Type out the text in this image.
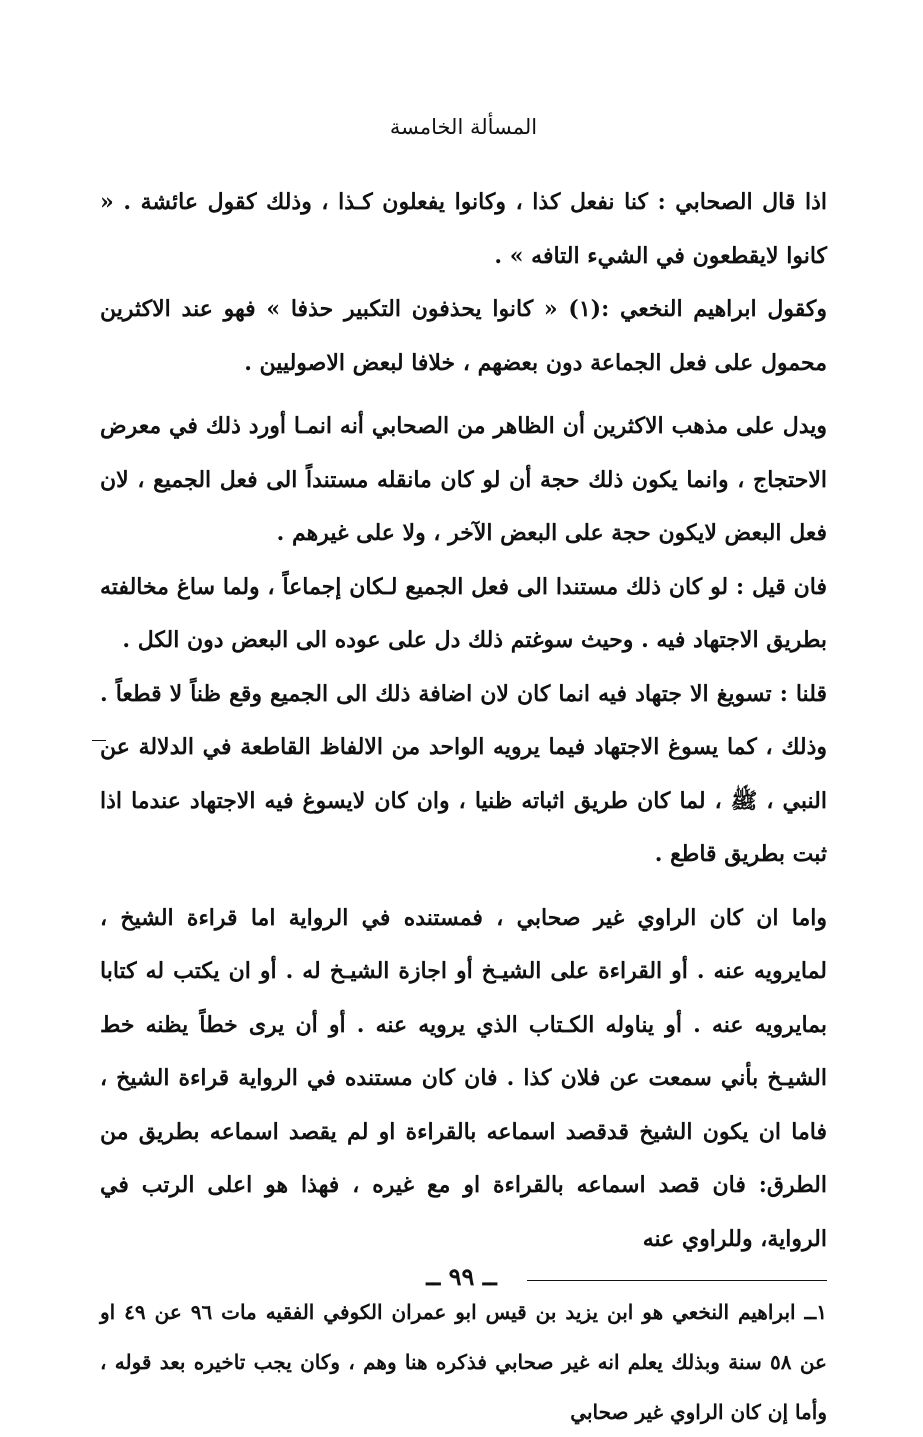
المسألة الخامسة

اذا قال الصحابي : كنا نفعل كذا ، وكانوا يفعلون كـذا ، وذلك كقول عائشة . « كانوا لايقطعون في الشيء التافه » .

وكقول ابراهيم النخعي :(١) « كانوا يحذفون التكبير حذفا » فهو عند الاكثرين محمول على فعل الجماعة دون بعضهم ، خلافا لبعض الاصوليين .

ويدل على مذهب الاكثرين أن الظاهر من الصحابي أنه انمـا أورد ذلك في معرض الاحتجاج ، وانما يكون ذلك حجة أن لو كان مانقله مستنداً الى فعل الجميع ، لان فعل البعض لايكون حجة على البعض الآخر ، ولا على غيرهم .

فان قيل : لو كان ذلك مستندا الى فعل الجميع لـكان إجماعاً ، ولما ساغ مخالفته بطريق الاجتهاد فيه . وحيث سوغتم ذلك دل على عوده الى البعض دون الكل .

قلنا : تسويغ الا جتهاد فيه انما كان لان اضافة ذلك الى الجميع وقع ظناً لا قطعاً . وذلك ، كما يسوغ الاجتهاد فيما يرويه الواحد من الالفاظ القاطعة في الدلالة عن النبي ، ﷺ ، لما كان طريق اثباته ظنيا ، وان كان لايسوغ فيه الاجتهاد عندما اذا ثبت بطريق قاطع .

واما ان كان الراوي غير صحابي ، فمستنده في الرواية اما قراءة الشيخ ، لمايرويه عنه . أو القراءة على الشيـخ أو اجازة الشيـخ له . أو ان يكتب له كتابا بمايرويه عنه . أو يناوله الكـتاب الذي يرويه عنه . أو أن يرى خطاً يظنه خط الشيـخ بأني سمعت عن فلان كذا . فان كان مستنده في الرواية قراءة الشيخ ، فاما ان يكون الشيخ قدقصد اسماعه بالقراءة او لم يقصد اسماعه بطريق من الطرق: فان قصد اسماعه بالقراءة او مع غيره ، فهذا هو اعلى الرتب في الرواية، وللراوي عنه

١ــ ابراهيم النخعي هو ابن يزيد بن قيس ابو عمران الكوفي الفقيه مات ٩٦ عن ٤٩ او عن ٥٨ سنة وبذلك يعلم انه غير صحابي فذكره هنا وهم ، وكان يجب تاخيره بعد قوله ، وأما إن كان الراوي غير صحابي

ــ ٩٩ ــ
